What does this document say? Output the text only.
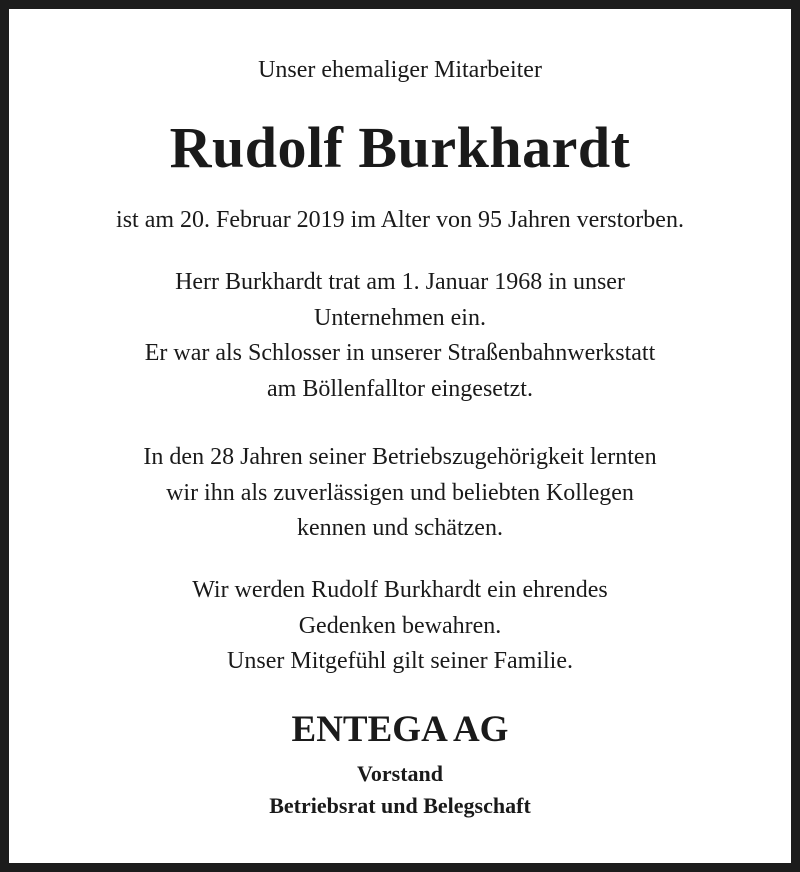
Unser ehemaliger Mitarbeiter
Rudolf Burkhardt
ist am 20. Februar 2019 im Alter von 95 Jahren verstorben.
Herr Burkhardt trat am 1. Januar 1968 in unser
Unternehmen ein.
Er war als Schlosser in unserer Straßenbahnwerkstatt
am Böllenfalltor eingesetzt.
In den 28 Jahren seiner Betriebszugehörigkeit lernten
wir ihn als zuverlässigen und beliebten Kollegen
kennen und schätzen.
Wir werden Rudolf Burkhardt ein ehrendes
Gedenken bewahren.
Unser Mitgefühl gilt seiner Familie.
ENTEGA AG
Vorstand
Betriebsrat und Belegschaft
